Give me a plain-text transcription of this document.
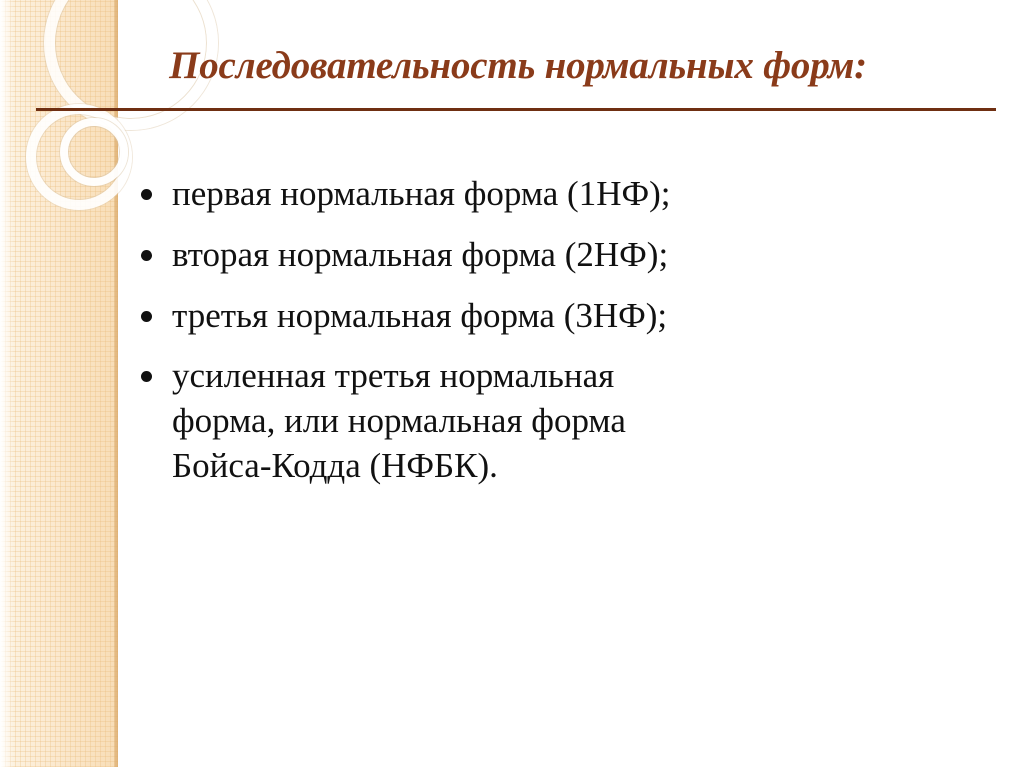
Последовательность нормальных форм:
первая нормальная форма (1НФ);
вторая нормальная форма (2НФ);
третья нормальная форма (3НФ);
усиленная третья нормальная форма, или нормальная форма Бойса-Кодда (НФБК).
